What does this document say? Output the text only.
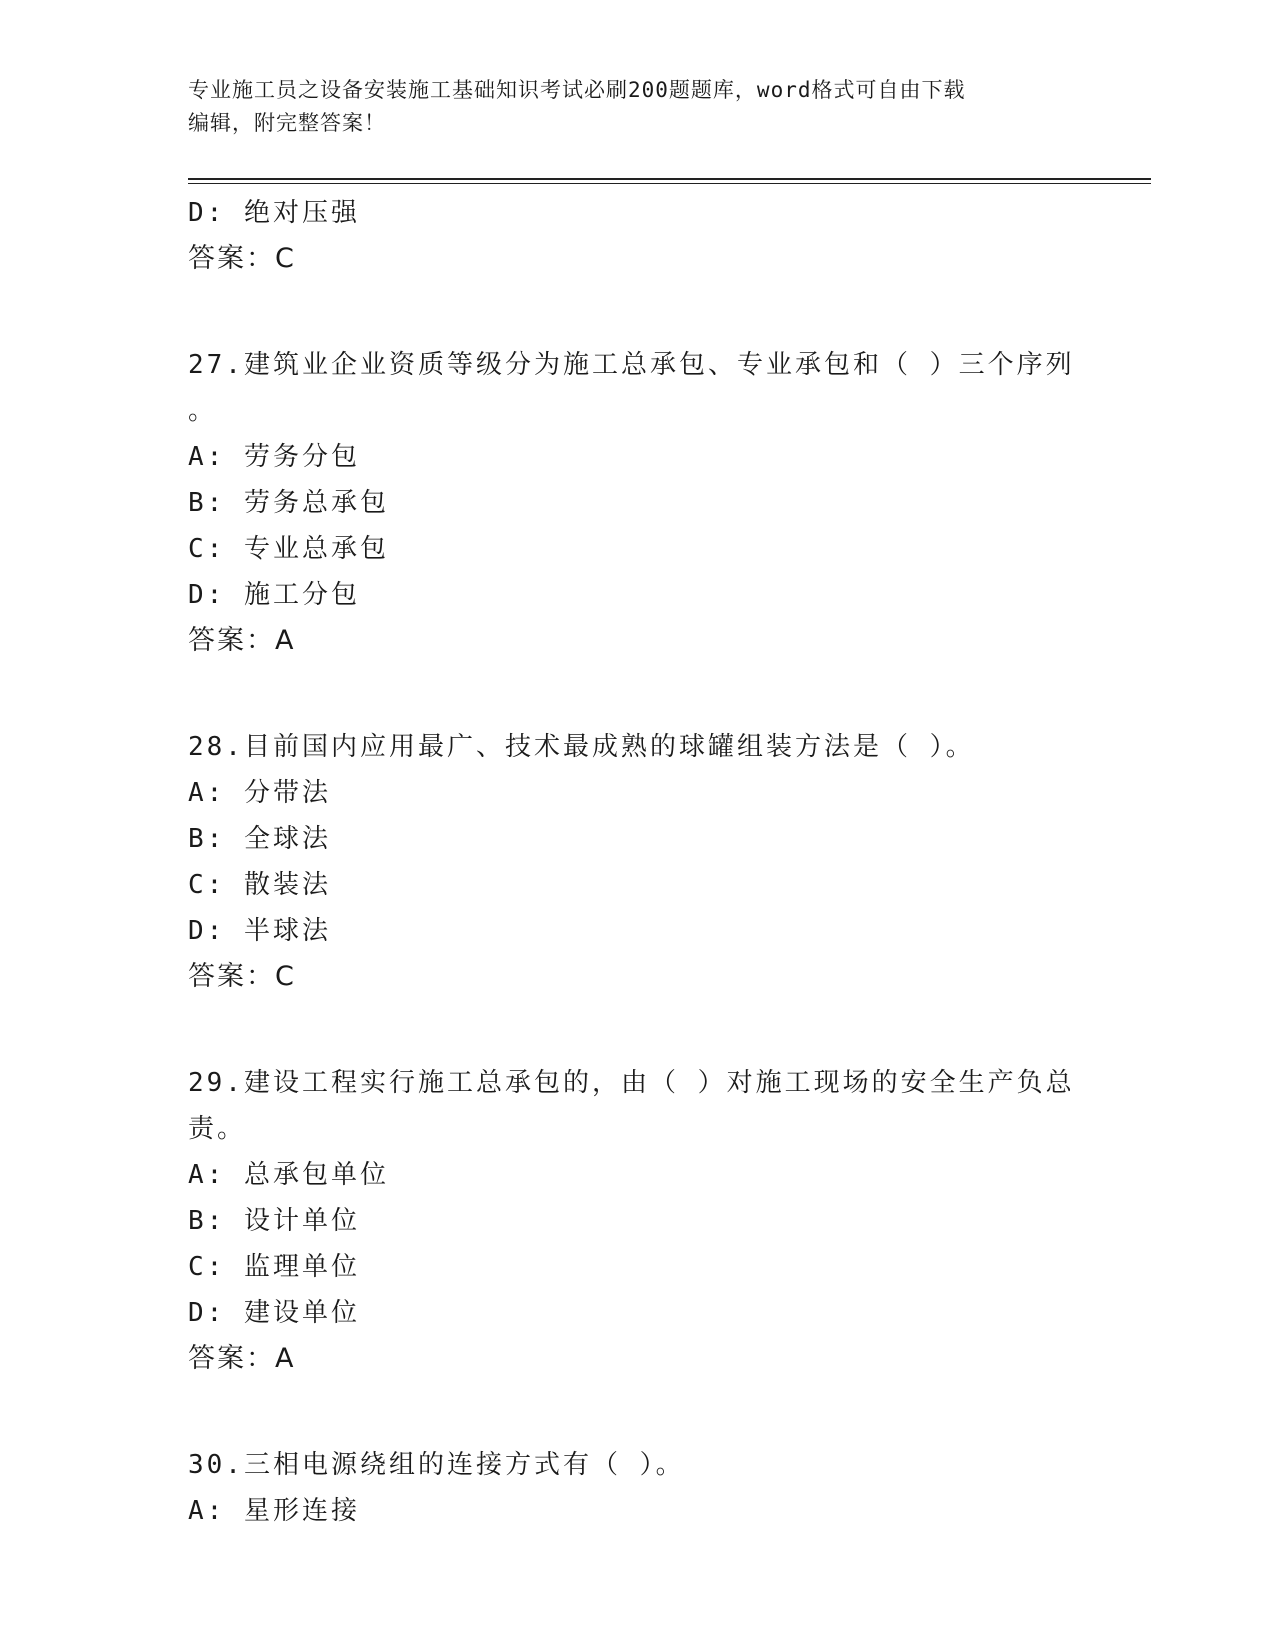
专业施工员之设备安装施工基础知识考试必刷200题题库，word格式可自由下载
编辑，附完整答案！
D: 绝对压强
答案：C
27.建筑业企业资质等级分为施工总承包、专业承包和（ ）三个序列
。
A: 劳务分包
B: 劳务总承包
C: 专业总承包
D: 施工分包
答案：A
28.目前国内应用最广、技术最成熟的球罐组装方法是（ ）。
A: 分带法
B: 全球法
C: 散装法
D: 半球法
答案：C
29.建设工程实行施工总承包的，由（ ）对施工现场的安全生产负总
责。
A: 总承包单位
B: 设计单位
C: 监理单位
D: 建设单位
答案：A
30.三相电源绕组的连接方式有（ ）。
A: 星形连接
